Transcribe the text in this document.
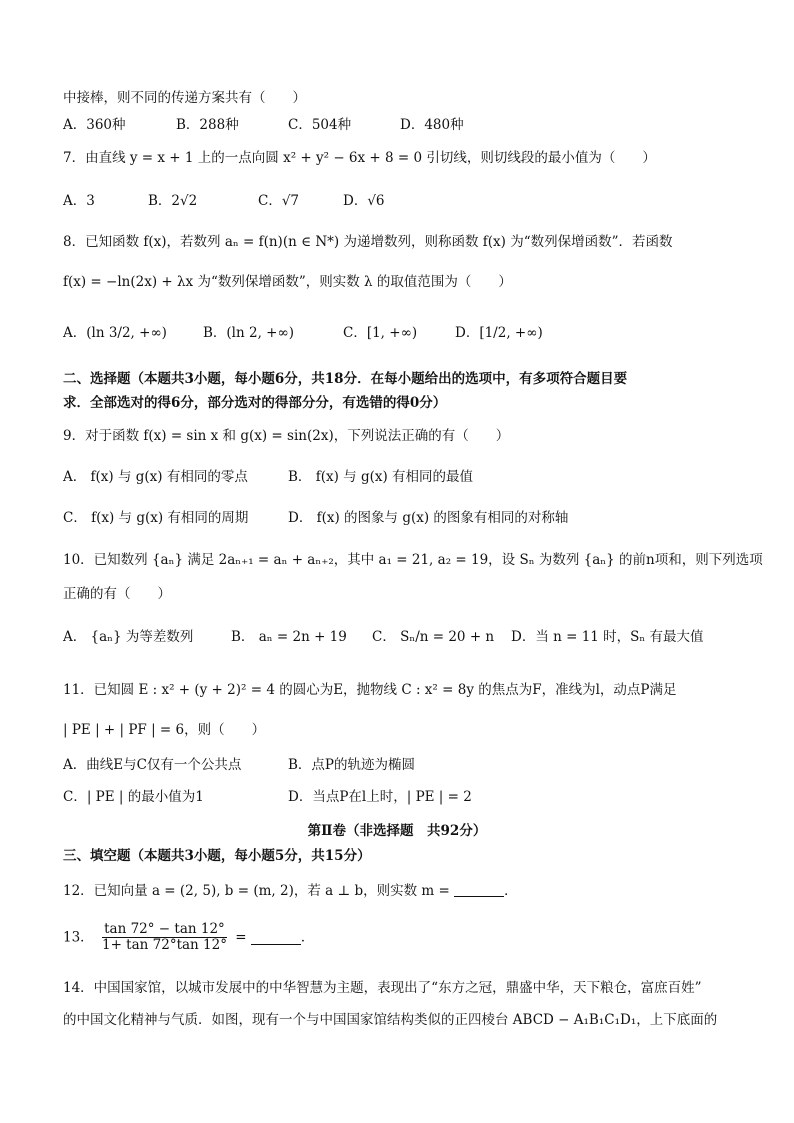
中接棒，则不同的传递方案共有（　　）
A．360种	B．288种	C．504种	D．480种
7．由直线 y = x + 1 上的一点向圆 x² + y² − 6x + 8 = 0 引切线，则切线段的最小值为（　　）
A．3	B．2√2	C．√7	D．√6
8．已知函数 f(x)，若数列 aₙ = f(n)(n ∈ N*) 为递增数列，则称函数 f(x) 为“数列保增函数”．若函数
f(x) = −ln(2x) + λx 为“数列保增函数”，则实数 λ 的取值范围为（　　）
A．(ln 3/2, +∞)	B．(ln 2, +∞)	C．[1, +∞)	D．[1/2, +∞)
二、选择题（本题共3小题，每小题6分，共18分．在每小题给出的选项中，有多项符合题目要
求．全部选对的得6分，部分选对的得部分分，有选错的得0分）
9．对于函数 f(x) = sin x 和 g(x) = sin(2x)，下列说法正确的有（　　）
A． f(x) 与 g(x) 有相同的零点	B． f(x) 与 g(x) 有相同的最值
C． f(x) 与 g(x) 有相同的周期	D． f(x) 的图象与 g(x) 的图象有相同的对称轴
10．已知数列 {aₙ} 满足 2aₙ₊₁ = aₙ + aₙ₊₂，其中 a₁ = 21, a₂ = 19，设 Sₙ 为数列 {aₙ} 的前n项和，则下列选项
正确的有（　　）
A． {aₙ} 为等差数列	B． aₙ = 2n + 19 C． Sₙ/n = 20 + n D．当 n = 11 时，Sₙ 有最大值
11．已知圆 E : x² + (y + 2)² = 4 的圆心为E，抛物线 C : x² = 8y 的焦点为F，准线为l，动点P满足
| PE | + | PF | = 6，则（　　）
A．曲线E与C仅有一个公共点	B．点P的轨迹为椭圆
C．| PE | 的最小值为1	D．当点P在l上时，| PE | = 2
第Ⅱ卷（非选择题　共92分）
三、填空题（本题共3小题，每小题5分，共15分）
12．已知向量 a = (2, 5), b = (m, 2)，若 a ⊥ b，则实数 m =	．
13． $\frac{\tan 72^\circ - \tan 12^\circ}{1+ \tan 72^\circ\tan 12^\circ}$ =	．
14．中国国家馆，以城市发展中的中华智慧为主题，表现出了“东方之冠，鼎盛中华，天下粮仓，富庶百姓”
的中国文化精神与气质．如图，现有一个与中国国家馆结构类似的正四棱台 ABCD − A₁B₁C₁D₁，上下底面的
